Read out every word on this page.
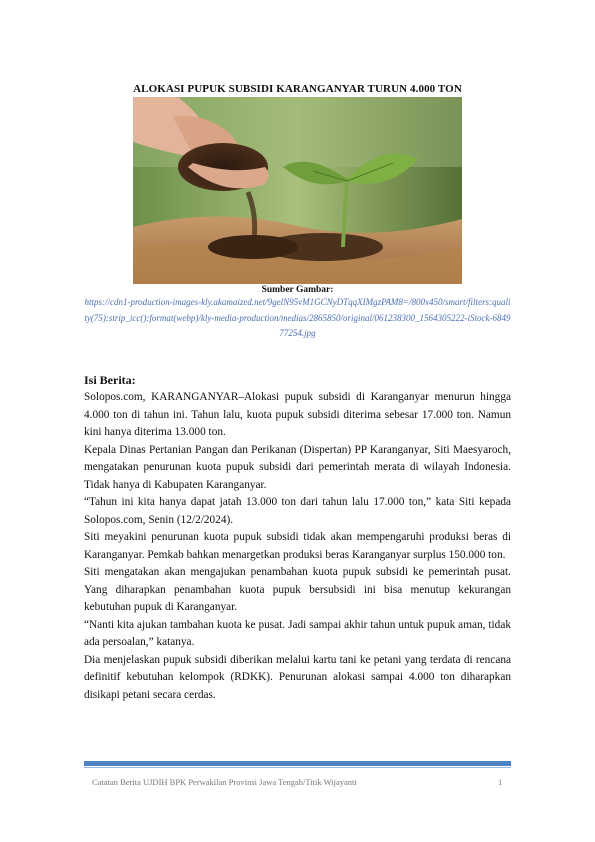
ALOKASI PUPUK SUBSIDI KARANGANYAR TURUN 4.000 TON
Sumber Gambar:
https://cdn1-production-images-kly.akamaized.net/9gelN95vM1GCNyDTqqXIMgzPAM8=/800x450/smart/filters:quality(75):strip_icc():format(webp)/kly-media-production/medias/2865850/original/061238300_1564305222-iStock-684977254.jpg
Isi Berita:

Solopos.com, KARANGANYAR–Alokasi pupuk subsidi di Karanganyar menurun hingga 4.000 ton di tahun ini. Tahun lalu, kuota pupuk subsidi diterima sebesar 17.000 ton. Namun kini hanya diterima 13.000 ton.

Kepala Dinas Pertanian Pangan dan Perikanan (Dispertan) PP Karanganyar, Siti Maesyaroch, mengatakan penurunan kuota pupuk subsidi dari pemerintah merata di wilayah Indonesia. Tidak hanya di Kabupaten Karanganyar.

“Tahun ini kita hanya dapat jatah 13.000 ton dari tahun lalu 17.000 ton,” kata Siti kepada Solopos.com, Senin (12/2/2024).

Siti meyakini penurunan kuota pupuk subsidi tidak akan mempengaruhi produksi beras di Karanganyar. Pemkab bahkan menargetkan produksi beras Karanganyar surplus 150.000 ton.

Siti mengatakan akan mengajukan penambahan kuota pupuk subsidi ke pemerintah pusat. Yang diharapkan penambahan kuota pupuk bersubsidi ini bisa menutup kekurangan kebutuhan pupuk di Karanganyar.

“Nanti kita ajukan tambahan kuota ke pusat. Jadi sampai akhir tahun untuk pupuk aman, tidak ada persoalan,” katanya.

Dia menjelaskan pupuk subsidi diberikan melalui kartu tani ke petani yang terdata di rencana definitif kebutuhan kelompok (RDKK). Penurunan alokasi sampai 4.000 ton diharapkan disikapi petani secara cerdas.

Catatan Berita UJDIH BPK Perwakilan Provinsi Jawa Tengah/Titik Wijayanti	1
